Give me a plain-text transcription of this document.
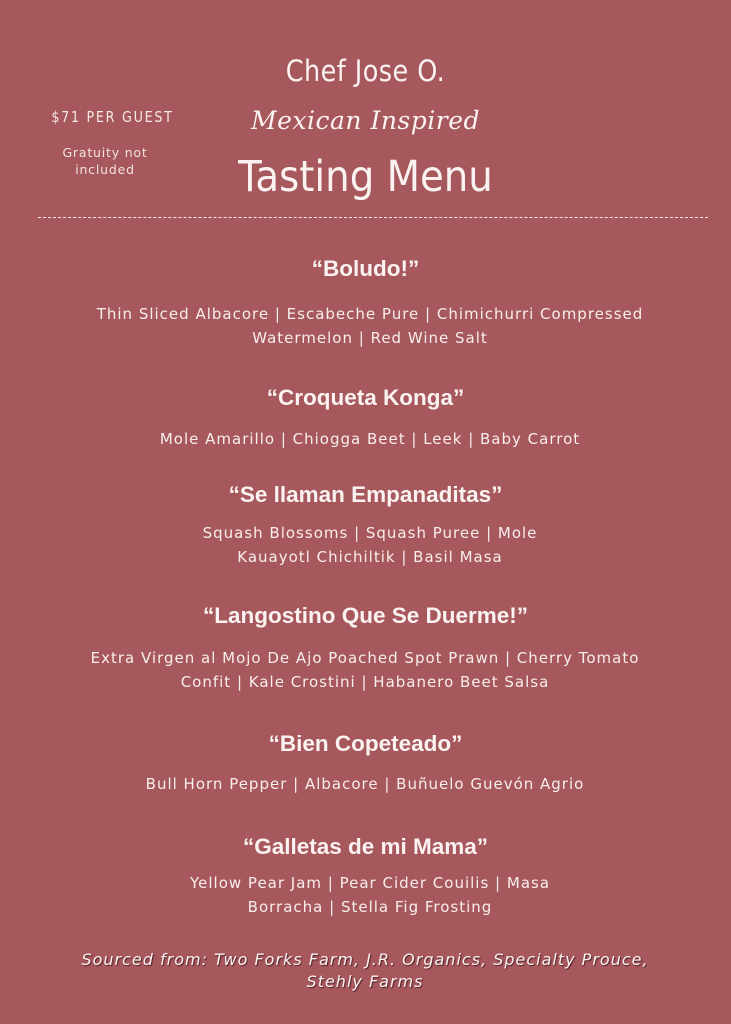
Chef Jose O.
Mexican Inspired
Tasting Menu
$71 PER GUEST
Gratuity not included
“Boludo!”
Thin Sliced Albacore | Escabeche Pure | Chimichurri Compressed Watermelon | Red Wine Salt
“Croqueta Konga”
Mole Amarillo | Chiogga Beet | Leek | Baby Carrot
“Se llaman Empanaditas”
Squash Blossoms | Squash Puree | Mole Kauayotl Chichiltik | Basil Masa
“Langostino Que Se Duerme!”
Extra Virgen al Mojo De Ajo Poached Spot Prawn | Cherry Tomato Confit | Kale Crostini | Habanero Beet Salsa
“Bien Copeteado”
Bull Horn Pepper | Albacore | Buñuelo Guevón Agrio
“Galletas de mi Mama”
Yellow Pear Jam | Pear Cider Couilis | Masa Borracha | Stella Fig Frosting
Sourced from: Two Forks Farm, J.R. Organics, Specialty Prouce, Stehly Farms
